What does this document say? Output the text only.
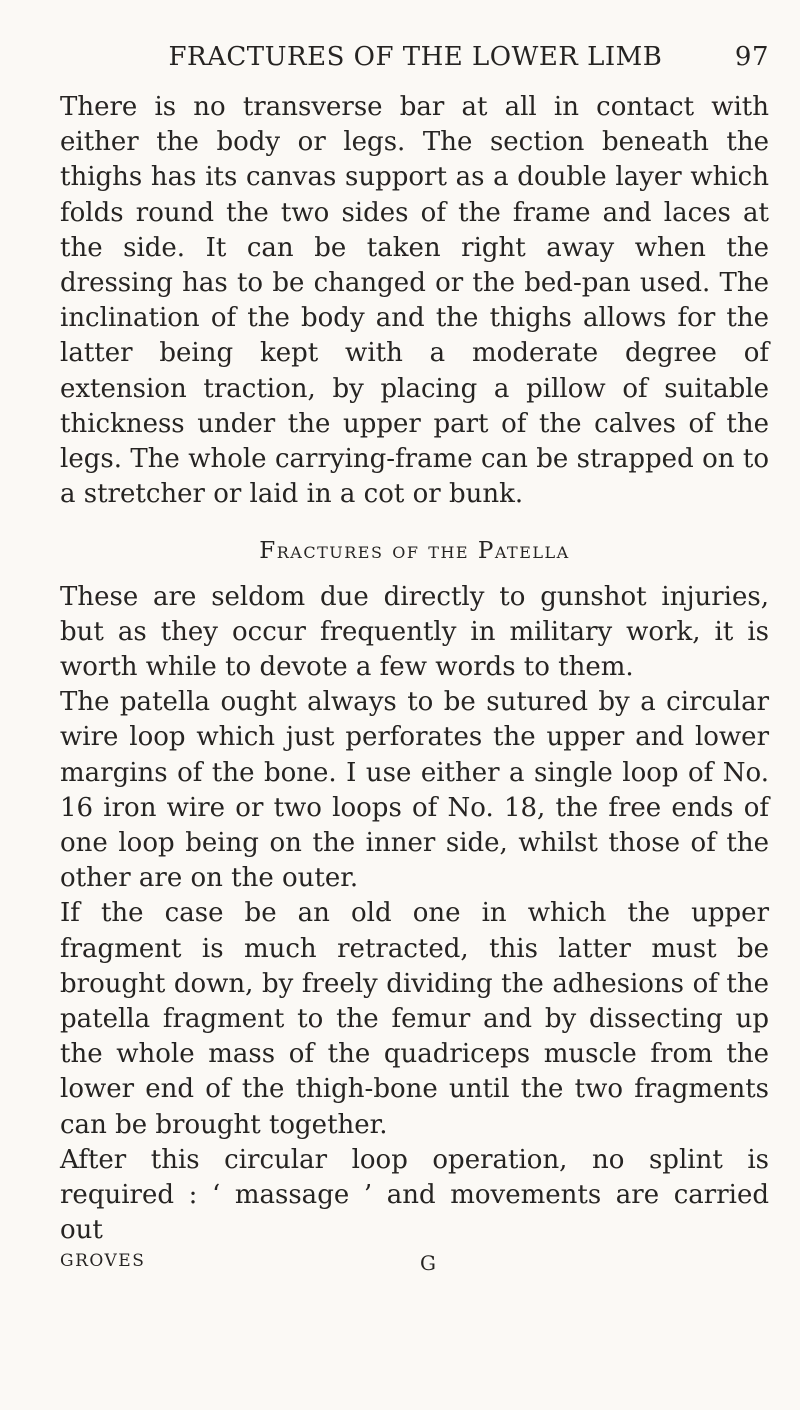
FRACTURES OF THE LOWER LIMB	97

There is no transverse bar at all in contact with either the body or legs. The section beneath the thighs has its canvas support as a double layer which folds round the two sides of the frame and laces at the side. It can be taken right away when the dressing has to be changed or the bed-pan used. The inclination of the body and the thighs allows for the latter being kept with a moderate degree of extension traction, by placing a pillow of suitable thickness under the upper part of the calves of the legs. The whole carrying-frame can be strapped on to a stretcher or laid in a cot or bunk.

Fractures of the Patella

These are seldom due directly to gunshot injuries, but as they occur frequently in military work, it is worth while to devote a few words to them.

The patella ought always to be sutured by a circular wire loop which just perforates the upper and lower margins of the bone. I use either a single loop of No. 16 iron wire or two loops of No. 18, the free ends of one loop being on the inner side, whilst those of the other are on the outer.

If the case be an old one in which the upper fragment is much retracted, this latter must be brought down, by freely dividing the adhesions of the patella fragment to the femur and by dissecting up the whole mass of the quadriceps muscle from the lower end of the thigh-bone until the two fragments can be brought together.

After this circular loop operation, no splint is required : ‘ massage ’ and movements are carried out

GROVES	G
